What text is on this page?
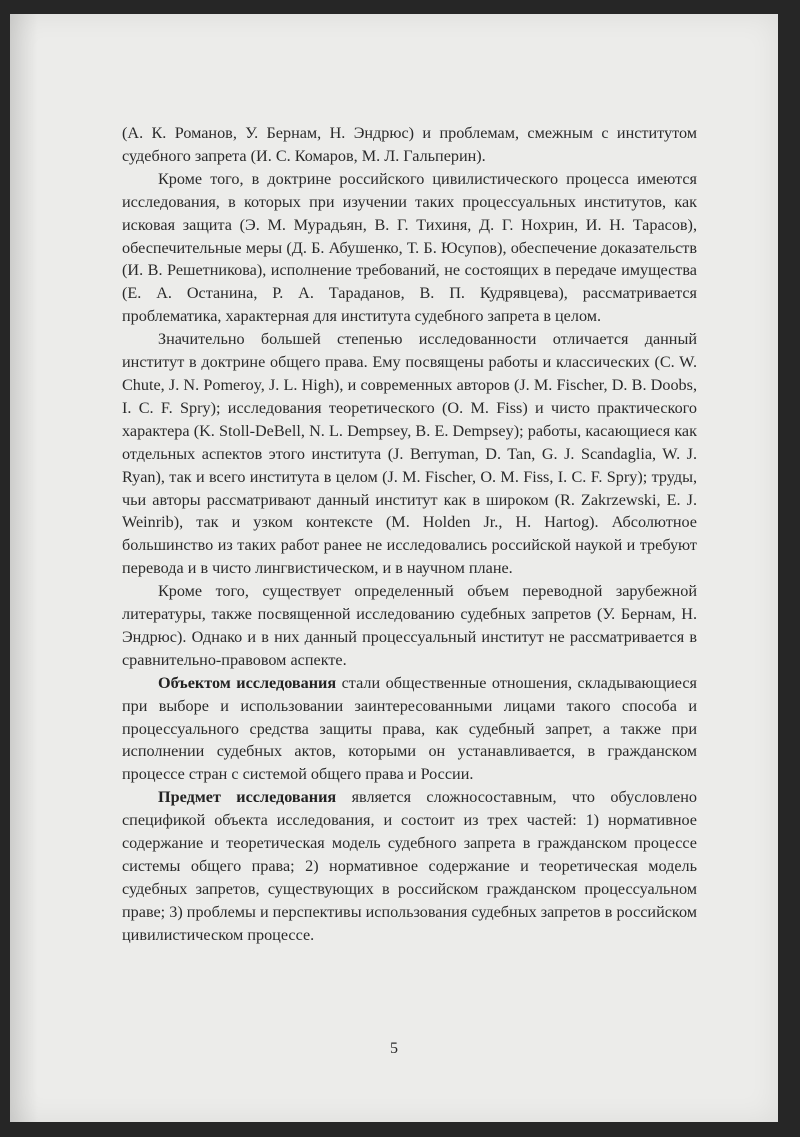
(А. К. Романов, У. Бернам, Н. Эндрюс) и проблемам, смежным с институтом судебного запрета (И. С. Комаров, М. Л. Гальперин).

Кроме того, в доктрине российского цивилистического процесса имеются исследования, в которых при изучении таких процессуальных институтов, как исковая защита (Э. М. Мурадьян, В. Г. Тихиня, Д. Г. Нохрин, И. Н. Тарасов), обеспечительные меры (Д. Б. Абушенко, Т. Б. Юсупов), обеспечение доказательств (И. В. Решетникова), исполнение требований, не состоящих в передаче имущества (Е. А. Останина, Р. А. Тараданов, В. П. Кудрявцева), рассматривается проблематика, характерная для института судебного запрета в целом.

Значительно большей степенью исследованности отличается данный институт в доктрине общего права. Ему посвящены работы и классических (C. W. Chute, J. N. Pomeroy, J. L. High), и современных авторов (J. M. Fischer, D. B. Doobs, I. C. F. Spry); исследования теоретического (O. M. Fiss) и чисто практического характера (K. Stoll-DeBell, N. L. Dempsey, B. E. Dempsey); работы, касающиеся как отдельных аспектов этого института (J. Berryman, D. Tan, G. J. Scandaglia, W. J. Ryan), так и всего института в целом (J. M. Fischer, O. M. Fiss, I. C. F. Spry); труды, чьи авторы рассматривают данный институт как в широком (R. Zakrzewski, E. J. Weinrib), так и узком контексте (M. Holden Jr., H. Hartog). Абсолютное большинство из таких работ ранее не исследовались российской наукой и требуют перевода и в чисто лингвистическом, и в научном плане.

Кроме того, существует определенный объем переводной зарубежной литературы, также посвященной исследованию судебных запретов (У. Бернам, Н. Эндрюс). Однако и в них данный процессуальный институт не рассматривается в сравнительно-правовом аспекте.

Объектом исследования стали общественные отношения, складывающиеся при выборе и использовании заинтересованными лицами такого способа и процессуального средства защиты права, как судебный запрет, а также при исполнении судебных актов, которыми он устанавливается, в гражданском процессе стран с системой общего права и России.

Предмет исследования является сложносоставным, что обусловлено спецификой объекта исследования, и состоит из трех частей: 1) нормативное содержание и теоретическая модель судебного запрета в гражданском процессе системы общего права; 2) нормативное содержание и теоретическая модель судебных запретов, существующих в российском гражданском процессуальном праве; 3) проблемы и перспективы использования судебных запретов в российском цивилистическом процессе.

5
